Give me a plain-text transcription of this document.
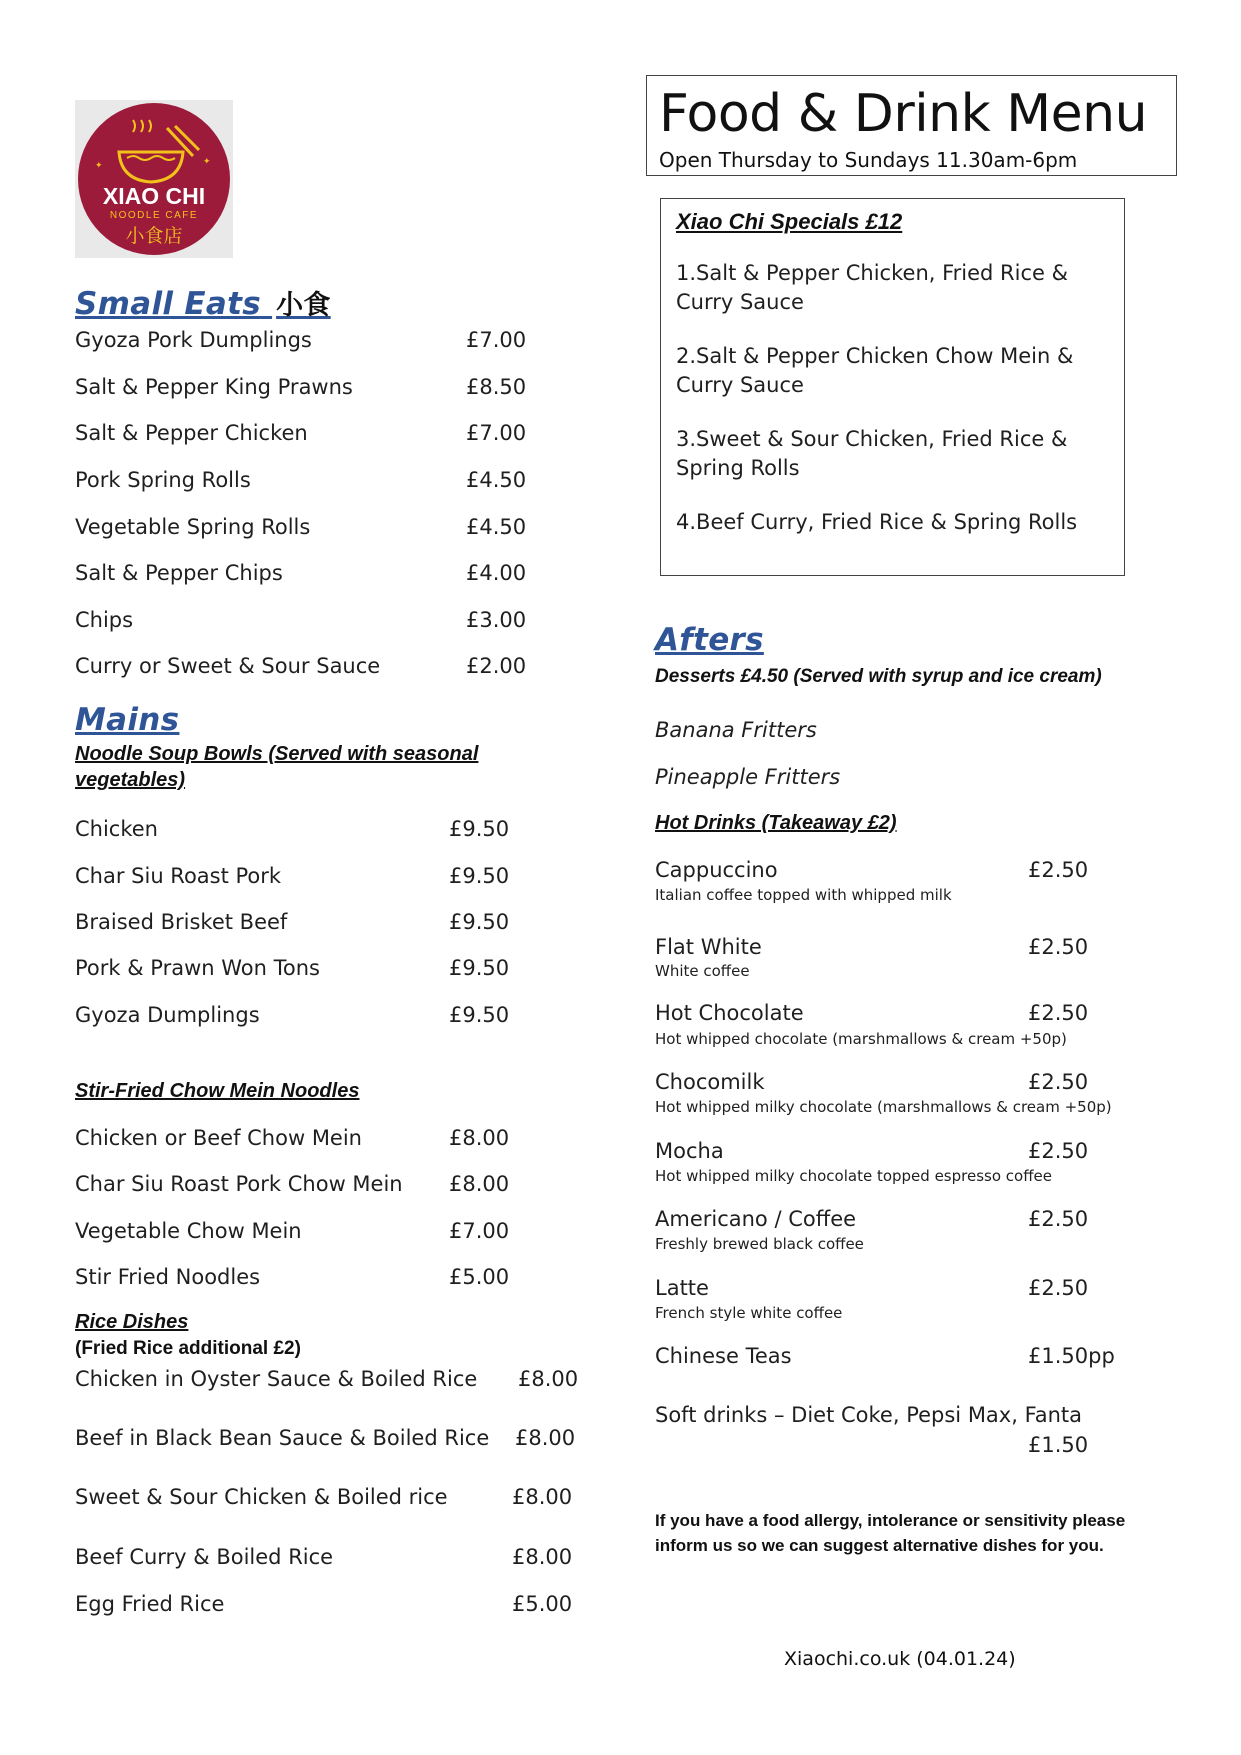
✦	✦
XIAO CHI
NOODLE CAFE
小食店
Food & Drink Menu
Open Thursday to Sundays 11.30am-6pm
Small Eats 小食
Gyoza Pork Dumplings	£7.00
Salt & Pepper King Prawns	£8.50
Salt & Pepper Chicken	£7.00
Pork Spring Rolls	£4.50
Vegetable Spring Rolls	£4.50
Salt & Pepper Chips	£4.00
Chips	£3.00
Curry or Sweet & Sour Sauce	£2.00
Mains
Noodle Soup Bowls (Served with seasonal
vegetables)
Chicken	£9.50
Char Siu Roast Pork	£9.50
Braised Brisket Beef	£9.50
Pork & Prawn Won Tons	£9.50
Gyoza Dumplings	£9.50
Stir-Fried Chow Mein Noodles
Chicken or Beef Chow Mein	£8.00
Char Siu Roast Pork Chow Mein £8.00
Vegetable Chow Mein	£7.00
Stir Fried Noodles	£5.00
Rice Dishes
(Fried Rice additional £2)
Chicken in Oyster Sauce & Boiled Rice £8.00
Beef in Black Bean Sauce & Boiled Rice £8.00
Sweet & Sour Chicken & Boiled rice	£8.00
Beef Curry & Boiled Rice	£8.00
Egg Fried Rice	£5.00
Xiao Chi Specials £12
1.Salt & Pepper Chicken, Fried Rice & Curry Sauce
2.Salt & Pepper Chicken Chow Mein & Curry Sauce
3.Sweet & Sour Chicken, Fried Rice & Spring Rolls
4.Beef Curry, Fried Rice & Spring Rolls
Afters
Desserts £4.50 (Served with syrup and ice cream)
Banana Fritters
Pineapple Fritters
Hot Drinks (Takeaway £2)
Cappuccino	£2.50
Italian coffee topped with whipped milk
Flat White	£2.50
White coffee
Hot Chocolate	£2.50
Hot whipped chocolate (marshmallows & cream +50p)
Chocomilk	£2.50
Hot whipped milky chocolate (marshmallows & cream +50p)
Mocha	£2.50
Hot whipped milky chocolate topped espresso coffee
Americano / Coffee	£2.50
Freshly brewed black coffee
Latte	£2.50
French style white coffee
Chinese Teas	£1.50pp
Soft drinks – Diet Coke, Pepsi Max, Fanta
£1.50
If you have a food allergy, intolerance or sensitivity please inform us so we can suggest alternative dishes for you.
Xiaochi.co.uk (04.01.24)
